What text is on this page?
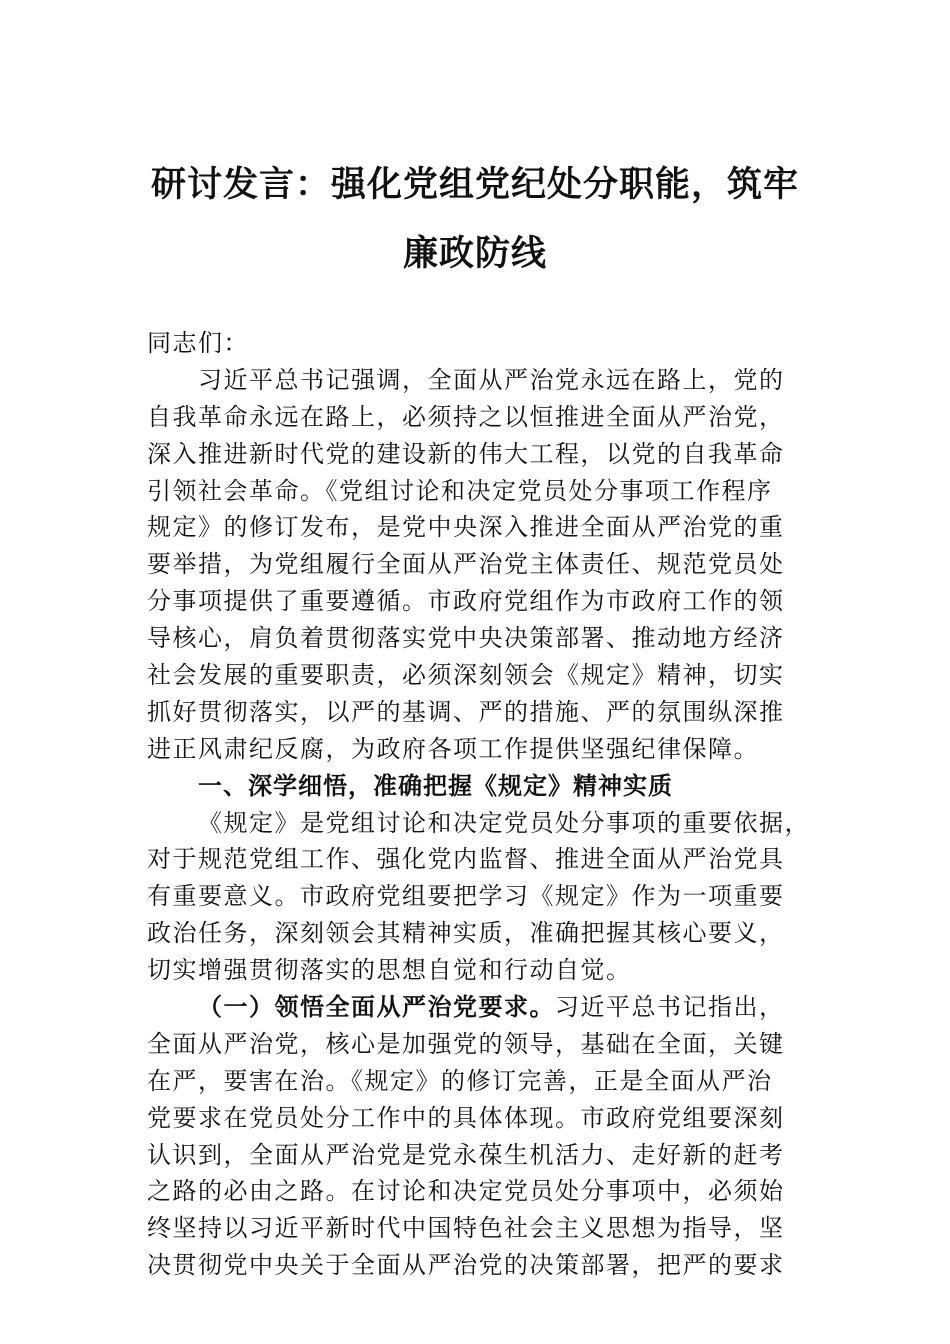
研讨发言：强化党组党纪处分职能，筑牢
廉政防线
同志们：
习近平总书记强调，全面从严治党永远在路上，党的
自我革命永远在路上，必须持之以恒推进全面从严治党，
深入推进新时代党的建设新的伟大工程，以党的自我革命
引领社会革命。《党组讨论和决定党员处分事项工作程序
规定》的修订发布，是党中央深入推进全面从严治党的重
要举措，为党组履行全面从严治党主体责任、规范党员处
分事项提供了重要遵循。市政府党组作为市政府工作的领
导核心，肩负着贯彻落实党中央决策部署、推动地方经济
社会发展的重要职责，必须深刻领会《规定》精神，切实
抓好贯彻落实，以严的基调、严的措施、严的氛围纵深推
进正风肃纪反腐，为政府各项工作提供坚强纪律保障。
一、深学细悟，准确把握《规定》精神实质
《规定》是党组讨论和决定党员处分事项的重要依据，
对于规范党组工作、强化党内监督、推进全面从严治党具
有重要意义。市政府党组要把学习《规定》作为一项重要
政治任务，深刻领会其精神实质，准确把握其核心要义，
切实增强贯彻落实的思想自觉和行动自觉。
（一）领悟全面从严治党要求。习近平总书记指出，
全面从严治党，核心是加强党的领导，基础在全面，关键
在严，要害在治。《规定》的修订完善，正是全面从严治
党要求在党员处分工作中的具体体现。市政府党组要深刻
认识到，全面从严治党是党永葆生机活力、走好新的赶考
之路的必由之路。在讨论和决定党员处分事项中，必须始
终坚持以习近平新时代中国特色社会主义思想为指导，坚
决贯彻党中央关于全面从严治党的决策部署，把严的要求
